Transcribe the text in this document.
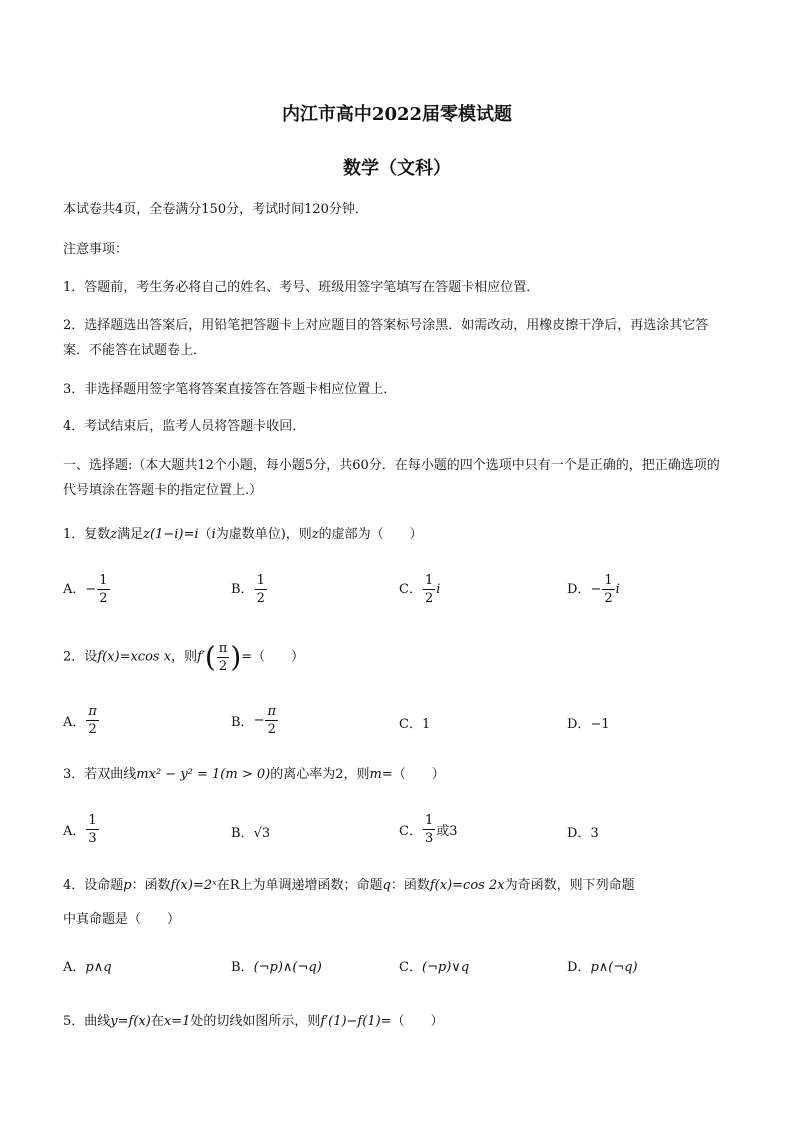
内江市高中2022届零模试题
数学（文科）
本试卷共4页，全卷满分150分，考试时间120分钟．
注意事项：
1．答题前，考生务必将自己的姓名、考号、班级用签字笔填写在答题卡相应位置．
2．选择题选出答案后，用铅笔把答题卡上对应题目的答案标号涂黑．如需改动，用橡皮擦干净后，再选涂其它答案．不能答在试题卷上．
3．非选择题用签字笔将答案直接答在答题卡相应位置上．
4．考试结束后，监考人员将答题卡收回．
一、选择题:（本大题共12个小题，每小题5分，共60分．在每小题的四个选项中只有一个是正确的，把正确选项的代号填涂在答题卡的指定位置上.）
1．复数z满足z(1−i)=i（i为虚数单位)，则z的虚部为（　　）
A．− $\frac{1}{2}$	B． $\frac{1}{2}$	C． $\frac{1}{2}$ i	D．− $\frac{1}{2}$ i
2．设f(x)=xcos x，则$f'( \frac{\pi}{2}$ )=（　　）
A． $\frac{\pi}{2}$	B．− $\frac{\pi}{2}$	C．1	D．−1
3．若双曲线mx² − y² = 1(m > 0)的离心率为2，则m=（　　）
A． $\frac{1}{3}$	B．√3	C． $\frac{1}{3}$ 或3	D．3
4．设命题p：函数f(x)=2ˣ在R上为单调递增函数；命题q：函数f(x)=cos 2x为奇函数，则下列命题
中真命题是（　　）
A．p∧q	B．(¬p)∧(¬q)	C．(¬p)∨q	D．p∧(¬q)
5．曲线y=f(x)在x=1处的切线如图所示，则f′(1)−f(1)=（　　）
